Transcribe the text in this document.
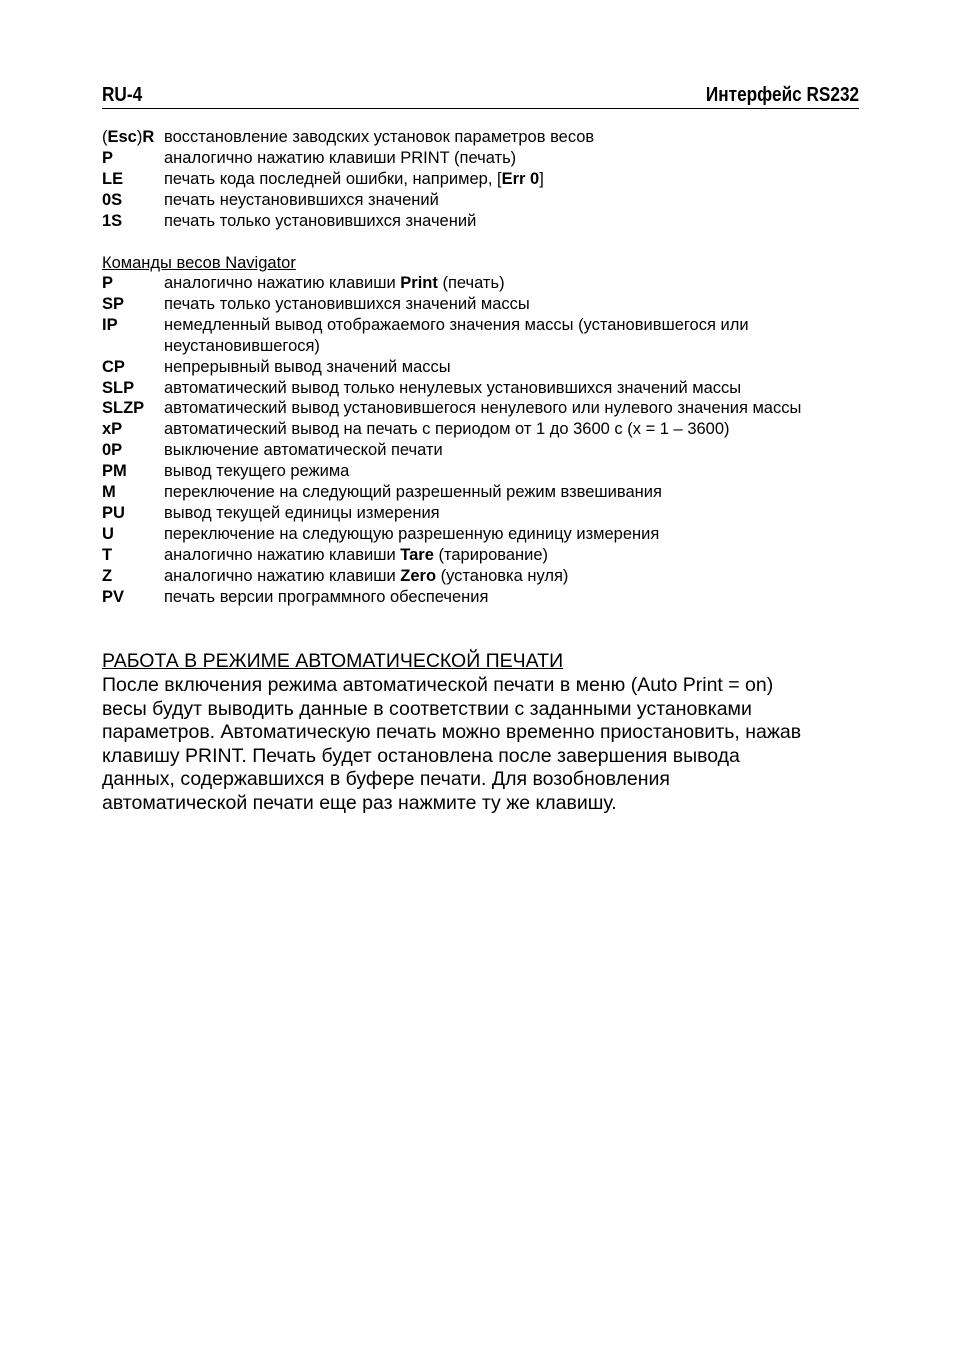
RU-4	Интерфейс RS232
(Esc)R восстановление заводских установок параметров весов
P	аналогично нажатию клавиши PRINT (печать)
LE печать кода последней ошибки, например, [Err 0]
0S	печать неустановившихся значений
1S	печать только установившихся значений
Команды весов Navigator
P	аналогично нажатию клавиши Print (печать)
SP печать только установившихся значений массы
IP	немедленный вывод отображаемого значения массы (установившегося или неустановившегося)
CP непрерывный вывод значений массы
SLP автоматический вывод только ненулевых установившихся значений массы
SLZP автоматический вывод установившегося ненулевого или нулевого значения массы
xP	автоматический вывод на печать с периодом от 1 до 3600 с (x = 1 – 3600)
0P	выключение автоматической печати
PM вывод текущего режима
M	переключение на следующий разрешенный режим взвешивания
PU вывод текущей единицы измерения
U	переключение на следующую разрешенную единицу измерения
T	аналогично нажатию клавиши Tare (тарирование)
Z	аналогично нажатию клавиши Zero (установка нуля)
PV печать версии программного обеспечения
РАБОТА В РЕЖИМЕ АВТОМАТИЧЕСКОЙ ПЕЧАТИ
После включения режима автоматической печати в меню (Auto Print = on)
весы будут выводить данные в соответствии с заданными установками
параметров. Автоматическую печать можно временно приостановить, нажав
клавишу PRINT. Печать будет остановлена после завершения вывода
данных, содержавшихся в буфере печати. Для возобновления
автоматической печати еще раз нажмите ту же клавишу.
